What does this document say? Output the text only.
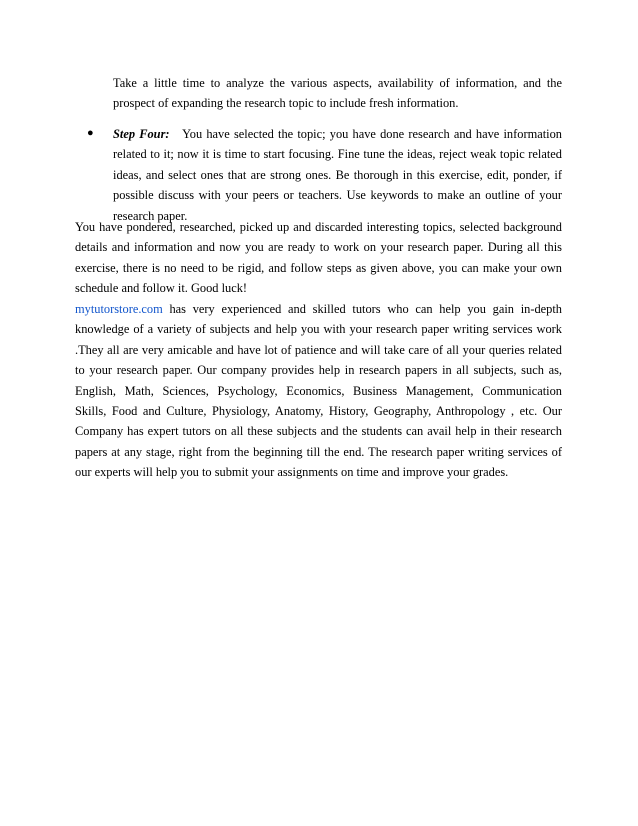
Take a little time to analyze the various aspects, availability of information, and the
prospect of expanding the research topic to include fresh information.
● Step Four: You have selected the topic; you have done research and have information
related to it; now it is time to start focusing. Fine tune the ideas, reject weak topic related
ideas, and select ones that are strong ones. Be thorough in this exercise, edit, ponder, if
possible discuss with your peers or teachers. Use keywords to make an outline of your
research paper.
You have pondered, researched, picked up and discarded interesting topics, selected background
details and information and now you are ready to work on your research paper. During all this
exercise, there is no need to be rigid, and follow steps as given above, you can make your own
schedule and follow it. Good luck!
mytutorstore.com has very experienced and skilled tutors who can help you gain in-depth
knowledge of a variety of subjects and help you with your research paper writing services work
.They all are very amicable and have lot of patience and will take care of all your queries related
to your research paper. Our company provides help in research papers in all subjects, such as,
English, Math, Sciences, Psychology, Economics, Business Management, Communication
Skills, Food and Culture, Physiology, Anatomy, History, Geography, Anthropology , etc. Our
Company has expert tutors on all these subjects and the students can avail help in their research
papers at any stage, right from the beginning till the end. The research paper writing services of
our experts will help you to submit your assignments on time and improve your grades.
